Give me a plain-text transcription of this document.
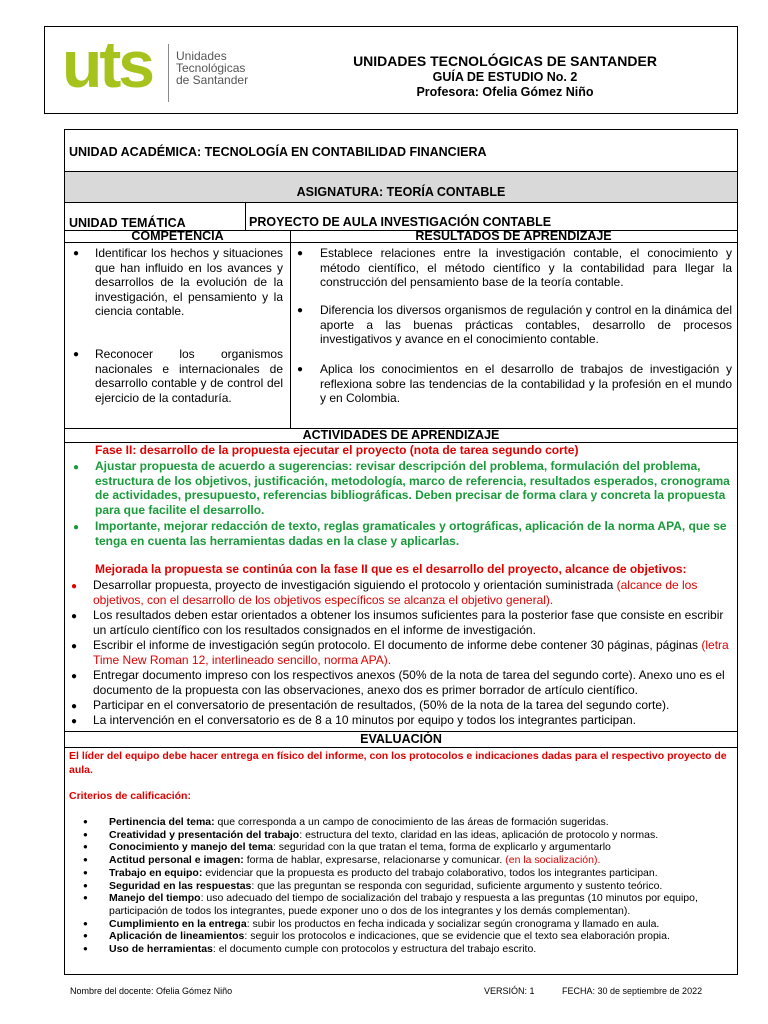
uts Unidades
Tecnológicas
de Santander
UNIDADES TECNOLÓGICAS DE SANTANDER
GUÍA DE ESTUDIO No. 2
Profesora: Ofelia Gómez Niño
UNIDAD ACADÉMICA: TECNOLOGÍA EN CONTABILIDAD FINANCIERA
ASIGNATURA: TEORÍA CONTABLE
UNIDAD TEMÁTICA	PROYECTO DE AULA INVESTIGACIÓN CONTABLE
COMPETENCIA	RESULTADOS DE APRENDIZAJE
● Identificar los hechos y situaciones que han influido en los avances y desarrollos de la evolución de la investigación, el pensamiento y la ciencia contable.
● Reconocer los organismos nacionales e internacionales de desarrollo contable y de control del ejercicio de la contaduría.
● Establece relaciones entre la investigación contable, el conocimiento y método científico, el método científico y la contabilidad para llegar la construcción del pensamiento base de la teoría contable.
● Diferencia los diversos organismos de regulación y control en la dinámica del aporte a las buenas prácticas contables, desarrollo de procesos investigativos y avance en el conocimiento contable.
● Aplica los conocimientos en el desarrollo de trabajos de investigación y reflexiona sobre las tendencias de la contabilidad y la profesión en el mundo y en Colombia.
ACTIVIDADES DE APRENDIZAJE
Fase II: desarrollo de la propuesta ejecutar el proyecto (nota de tarea segundo corte)
● Ajustar propuesta de acuerdo a sugerencias: revisar descripción del problema, formulación del problema, estructura de los objetivos, justificación, metodología, marco de referencia, resultados esperados, cronograma de actividades, presupuesto, referencias bibliográficas. Deben precisar de forma clara y concreta la propuesta para que facilite el desarrollo.
● Importante, mejorar redacción de texto, reglas gramaticales y ortográficas, aplicación de la norma APA, que se tenga en cuenta las herramientas dadas en la clase y aplicarlas.
Mejorada la propuesta se continúa con la fase II que es el desarrollo del proyecto, alcance de objetivos:
● Desarrollar propuesta, proyecto de investigación siguiendo el protocolo y orientación suministrada (alcance de los objetivos, con el desarrollo de los objetivos específicos se alcanza el objetivo general).
● Los resultados deben estar orientados a obtener los insumos suficientes para la posterior fase que consiste en escribir un artículo científico con los resultados consignados en el informe de investigación.
● Escribir el informe de investigación según protocolo. El documento de informe debe contener 30 páginas, páginas (letra Time New Roman 12, interlineado sencillo, norma APA).
● Entregar documento impreso con los respectivos anexos (50% de la nota de tarea del segundo corte). Anexo uno es el documento de la propuesta con las observaciones, anexo dos es primer borrador de artículo científico.
● Participar en el conversatorio de presentación de resultados, (50% de la nota de la tarea del segundo corte).
● La intervención en el conversatorio es de 8 a 10 minutos por equipo y todos los integrantes participan.
EVALUACIÓN
El líder del equipo debe hacer entrega en físico del informe, con los protocolos e indicaciones dadas para el respectivo proyecto de aula.
Criterios de calificación:
●	Pertinencia del tema: que corresponda a un campo de conocimiento de las áreas de formación sugeridas.
●	Creatividad y presentación del trabajo: estructura del texto, claridad en las ideas, aplicación de protocolo y normas.
●	Conocimiento y manejo del tema: seguridad con la que tratan el tema, forma de explicarlo y argumentarlo
●	Actitud personal e imagen: forma de hablar, expresarse, relacionarse y comunicar. (en la socialización).
●	Trabajo en equipo: evidenciar que la propuesta es producto del trabajo colaborativo, todos los integrantes participan.
●	Seguridad en las respuestas: que las preguntan se responda con seguridad, suficiente argumento y sustento teórico.
●	Manejo del tiempo: uso adecuado del tiempo de socialización del trabajo y respuesta a las preguntas (10 minutos por equipo, participación de todos los integrantes, puede exponer uno o dos de los integrantes y los demás complementan).
●	Cumplimiento en la entrega: subir los productos en fecha indicada y socializar según cronograma y llamado en aula.
●	Aplicación de lineamientos: seguir los protocolos e indicaciones, que se evidencie que el texto sea elaboración propia.
●	Uso de herramientas: el documento cumple con protocolos y estructura del trabajo escrito.
Nombre del docente: Ofelia Gómez Niño	VERSIÓN: 1	FECHA: 30 de septiembre de 2022
